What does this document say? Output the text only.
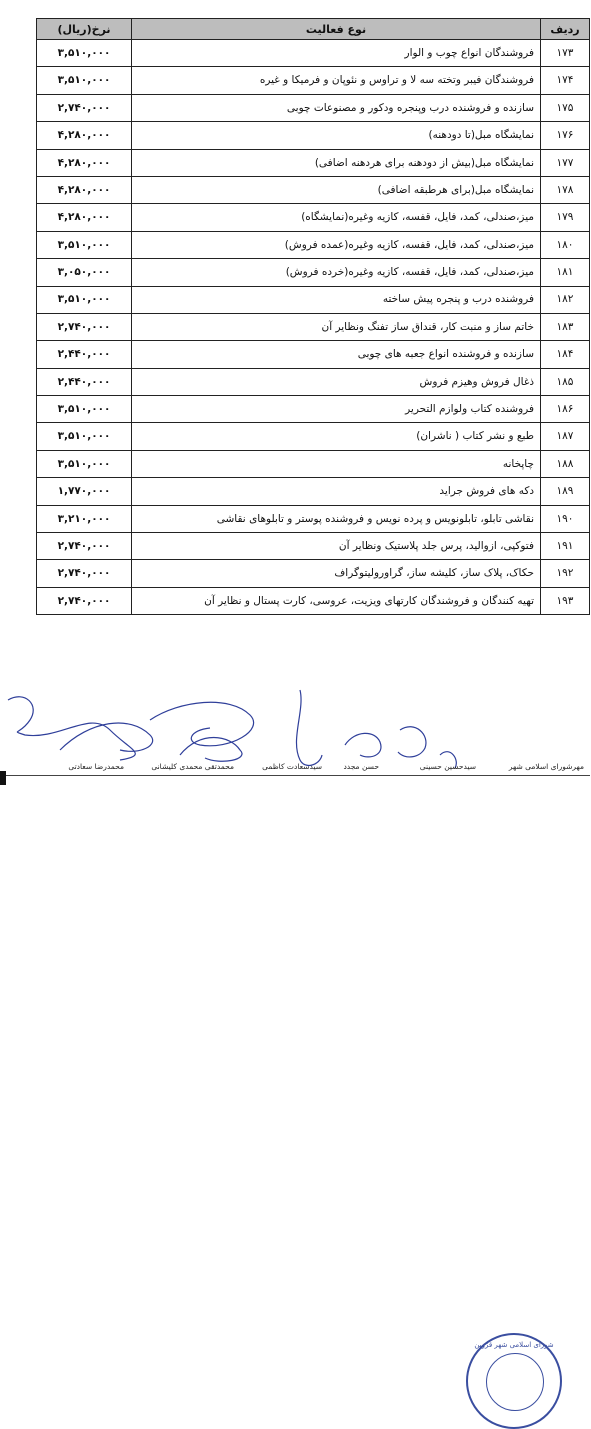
ردیف	نوع فعالیت	نرخ(ریال)
۱۷۳	فروشندگان انواع چوب و الوار	۳,۵۱۰,۰۰۰
۱۷۴	فروشندگان فیبر وتخته سه لا و تراوس و نئوپان و فرمیکا و غیره	۳,۵۱۰,۰۰۰
۱۷۵	سازنده و فروشنده درب وپنجره ودکور و مصنوعات چوبی	۲,۷۴۰,۰۰۰
۱۷۶	نمایشگاه مبل(تا دودهنه)	۴,۲۸۰,۰۰۰
۱۷۷	نمایشگاه مبل(بیش از دودهنه برای هردهنه اضافی)	۴,۲۸۰,۰۰۰
۱۷۸	نمایشگاه مبل(برای هرطبقه اضافی)	۴,۲۸۰,۰۰۰
۱۷۹	میز،صندلی، کمد، فایل، قفسه، کازیه وغیره(نمایشگاه)	۴,۲۸۰,۰۰۰
۱۸۰	میز،صندلی، کمد، فایل، قفسه، کازیه وغیره(عمده فروش)	۳,۵۱۰,۰۰۰
۱۸۱	میز،صندلی، کمد، فایل، قفسه، کازیه وغیره(خرده فروش)	۳,۰۵۰,۰۰۰
۱۸۲	فروشنده درب و پنجره پیش ساخته	۳,۵۱۰,۰۰۰
۱۸۳	خاتم ساز و منبت کار، قنداق ساز تفنگ ونظایر آن	۲,۷۴۰,۰۰۰
۱۸۴	سازنده و فروشنده انواع جعبه های چوبی	۲,۴۴۰,۰۰۰
۱۸۵	ذغال فروش وهیزم فروش	۲,۴۴۰,۰۰۰
۱۸۶	فروشنده کتاب ولوازم التحریر	۳,۵۱۰,۰۰۰
۱۸۷	طبع و نشر کتاب ( ناشران)	۳,۵۱۰,۰۰۰
۱۸۸	چاپخانه	۳,۵۱۰,۰۰۰
۱۸۹	دکه های فروش جراید	۱,۷۷۰,۰۰۰
۱۹۰	نقاشی تابلو، تابلونویس و پرده نویس و فروشنده پوستر و تابلوهای نقاشی	۳,۲۱۰,۰۰۰
۱۹۱	فتوکپی، ازوالید، پرس جلد پلاستیک ونظایر آن	۲,۷۴۰,۰۰۰
۱۹۲	حکاک، پلاک ساز، کلیشه ساز، گراورولیتوگراف	۲,۷۴۰,۰۰۰
۱۹۳	تهیه کنندگان و فروشندگان کارتهای ویزیت، عروسی، کارت پستال و نظایر آن	۲,۷۴۰,۰۰۰
شورای اسلامی شهر قزوین
مهرشورای اسلامی شهر
سیدحسین حسینی
حسن مجدد
سیدسعادت کاظمی
محمدتقی محمدی کلیشانی
محمدرضا سعادتی
